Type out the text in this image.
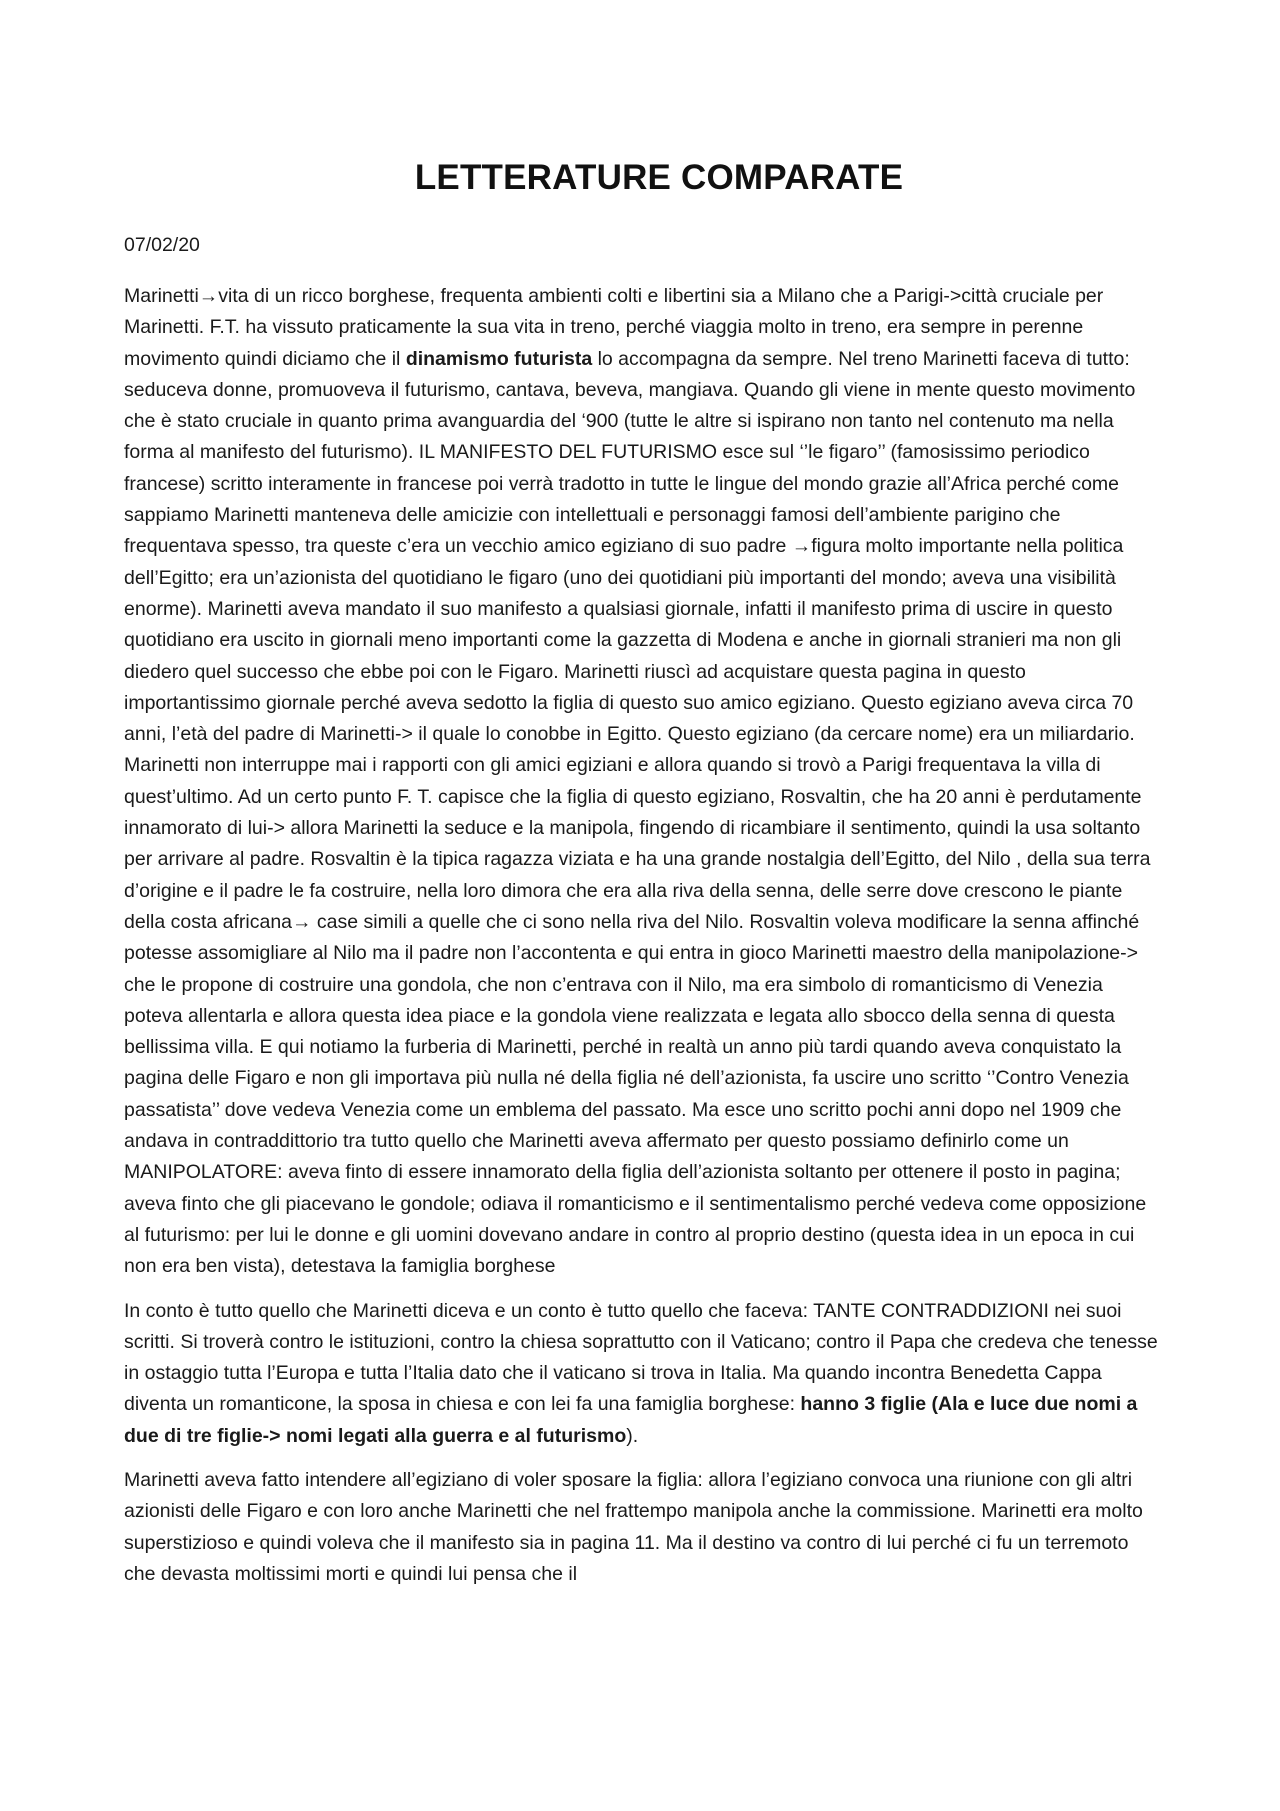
LETTERATURE COMPARATE
07/02/20

Marinetti→vita di un ricco borghese, frequenta ambienti colti e libertini sia a Milano che a Parigi->città cruciale per Marinetti. F.T. ha vissuto praticamente la sua vita in treno, perché viaggia molto in treno, era sempre in perenne movimento quindi diciamo che il dinamismo futurista lo accompagna da sempre. Nel treno Marinetti faceva di tutto: seduceva donne, promuoveva il futurismo, cantava, beveva, mangiava. Quando gli viene in mente questo movimento che è stato cruciale in quanto prima avanguardia del ‘900 (tutte le altre si ispirano non tanto nel contenuto ma nella forma al manifesto del futurismo). IL MANIFESTO DEL FUTURISMO esce sul ‘’le figaro’’ (famosissimo periodico francese) scritto interamente in francese poi verrà tradotto in tutte le lingue del mondo grazie all’Africa perché come sappiamo Marinetti manteneva delle amicizie con intellettuali e personaggi famosi dell’ambiente parigino che frequentava spesso, tra queste c’era un vecchio amico egiziano di suo padre →figura molto importante nella politica dell’Egitto; era un’azionista del quotidiano le figaro (uno dei quotidiani più importanti del mondo; aveva una visibilità enorme). Marinetti aveva mandato il suo manifesto a qualsiasi giornale, infatti il manifesto prima di uscire in questo quotidiano era uscito in giornali meno importanti come la gazzetta di Modena e anche in giornali stranieri ma non gli diedero quel successo che ebbe poi con le Figaro. Marinetti riuscì ad acquistare questa pagina in questo importantissimo giornale perché aveva sedotto la figlia di questo suo amico egiziano. Questo egiziano aveva circa 70 anni, l’età del padre di Marinetti-> il quale lo conobbe in Egitto. Questo egiziano (da cercare nome) era un miliardario. Marinetti non interruppe mai i rapporti con gli amici egiziani e allora quando si trovò a Parigi frequentava la villa di quest’ultimo. Ad un certo punto F. T. capisce che la figlia di questo egiziano, Rosvaltin, che ha 20 anni è perdutamente innamorato di lui-> allora Marinetti la seduce e la manipola, fingendo di ricambiare il sentimento, quindi la usa soltanto per arrivare al padre. Rosvaltin è la tipica ragazza viziata e ha una grande nostalgia dell’Egitto, del Nilo , della sua terra d’origine e il padre le fa costruire, nella loro dimora che era alla riva della senna, delle serre dove crescono le piante della costa africana→ case simili a quelle che ci sono nella riva del Nilo. Rosvaltin voleva modificare la senna affinché potesse assomigliare al Nilo ma il padre non l’accontenta e qui entra in gioco Marinetti maestro della manipolazione-> che le propone di costruire una gondola, che non c’entrava con il Nilo, ma era simbolo di romanticismo di Venezia poteva allentarla e allora questa idea piace e la gondola viene realizzata e legata allo sbocco della senna di questa bellissima villa. E qui notiamo la furberia di Marinetti, perché in realtà un anno più tardi quando aveva conquistato la pagina delle Figaro e non gli importava più nulla né della figlia né dell’azionista, fa uscire uno scritto ‘’Contro Venezia passatista’’ dove vedeva Venezia come un emblema del passato. Ma esce uno scritto pochi anni dopo nel 1909 che andava in contraddittorio tra tutto quello che Marinetti aveva affermato per questo possiamo definirlo come un MANIPOLATORE: aveva finto di essere innamorato della figlia dell’azionista soltanto per ottenere il posto in pagina; aveva finto che gli piacevano le gondole; odiava il romanticismo e il sentimentalismo perché vedeva come opposizione al futurismo: per lui le donne e gli uomini dovevano andare in contro al proprio destino (questa idea in un epoca in cui non era ben vista), detestava la famiglia borghese

In conto è tutto quello che Marinetti diceva e un conto è tutto quello che faceva: TANTE CONTRADDIZIONI nei suoi scritti. Si troverà contro le istituzioni, contro la chiesa soprattutto con il Vaticano; contro il Papa che credeva che tenesse in ostaggio tutta l’Europa e tutta l’Italia dato che il vaticano si trova in Italia. Ma quando incontra Benedetta Cappa diventa un romanticone, la sposa in chiesa e con lei fa una famiglia borghese: hanno 3 figlie (Ala e luce due nomi a due di tre figlie-> nomi legati alla guerra e al futurismo).

Marinetti aveva fatto intendere all’egiziano di voler sposare la figlia: allora l’egiziano convoca una riunione con gli altri azionisti delle Figaro e con loro anche Marinetti che nel frattempo manipola anche la commissione. Marinetti era molto superstizioso e quindi voleva che il manifesto sia in pagina 11. Ma il destino va contro di lui perché ci fu un terremoto che devasta moltissimi morti e quindi lui pensa che il
